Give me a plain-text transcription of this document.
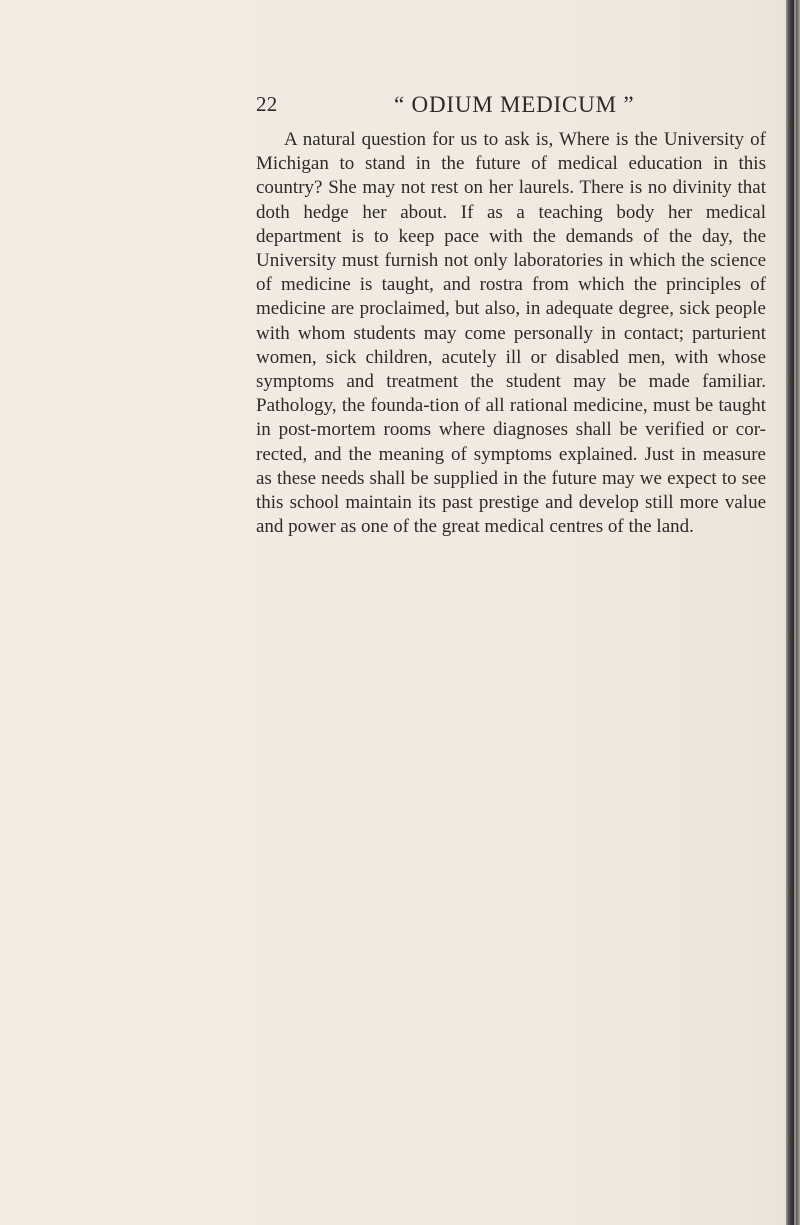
22	“ ODIUM MEDICUM ”

A natural question for us to ask is, Where is the University of Michigan to stand in the future of medical education in this country? She may not rest on her laurels. There is no divinity that doth hedge her about. If as a teaching body her medical department is to keep pace with the demands of the day, the University must furnish not only laboratories in which the science of medicine is taught, and rostra from which the principles of medicine are proclaimed, but also, in adequate degree, sick people with whom students may come personally in contact; parturient women, sick children, acutely ill or disabled men, with whose symptoms and treatment the student may be made familiar. Pathology, the founda-tion of all rational medicine, must be taught in post-mortem rooms where diagnoses shall be verified or cor-rected, and the meaning of symptoms explained. Just in measure as these needs shall be supplied in the future may we expect to see this school maintain its past prestige and develop still more value and power as one of the great medical centres of the land.
